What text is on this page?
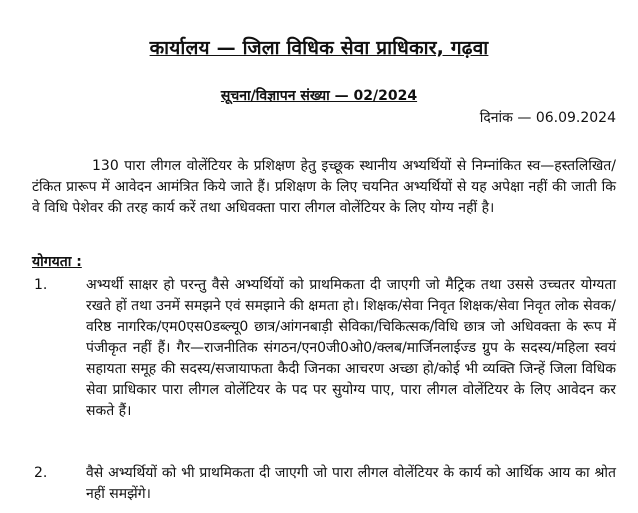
कार्यालय — जिला विधिक सेवा प्राधिकार, गढ़वा
सूचना/विज्ञापन संख्या — 02/2024
दिनांक — 06.09.2024

130 पारा लीगल वोलेंटियर के प्रशिक्षण हेतु इच्छूक स्थानीय अभ्यर्थियों से निम्नांकित स्व—हस्तलिखित/टंकित प्रारूप में आवेदन आमंत्रित किये जाते हैं। प्रशिक्षण के लिए चयनित अभ्यर्थियों से यह अपेक्षा नहीं की जाती कि वे विधि पेशेवर की तरह कार्य करें तथा अधिवक्ता पारा लीगल वोलेंटियर के लिए योग्य नहीं है।

योगयता :
1.	अभ्यर्थी साक्षर हो परन्तु वैसे अभ्यर्थियों को प्राथमिकता दी जाएगी जो मैट्रिक तथा उससे उच्चतर योग्यता रखते हों तथा उनमें समझने एवं समझाने की क्षमता हो। शिक्षक/सेवा निवृत शिक्षक/सेवा निवृत लोक सेवक/वरिष्ठ नागरिक/एम0एस0डब्ल्यू0 छात्र/आंगनबाड़ी सेविका/चिकित्सक/विधि छात्र जो अधिवक्ता के रूप में पंजीकृत नहीं हैं। गैर—राजनीतिक संगठन/एन0जी0ओ0/क्लब/मार्जिनलाईज्ड ग्रुप के सदस्य/महिला स्वयं सहायता समूह की सदस्य/सजायाफता कैदी जिनका आचरण अच्छा हो/कोई भी व्यक्ति जिन्हें जिला विधिक सेवा प्राधिकार पारा लीगल वोलेंटियर के पद पर सुयोग्य पाए, पारा लीगल वोलेंटियर के लिए आवेदन कर सकते हैं।
2.	वैसे अभ्यर्थियों को भी प्राथमिकता दी जाएगी जो पारा लीगल वोलेंटियर के कार्य को आर्थिक आय का श्रोत नहीं समझेंगे।
